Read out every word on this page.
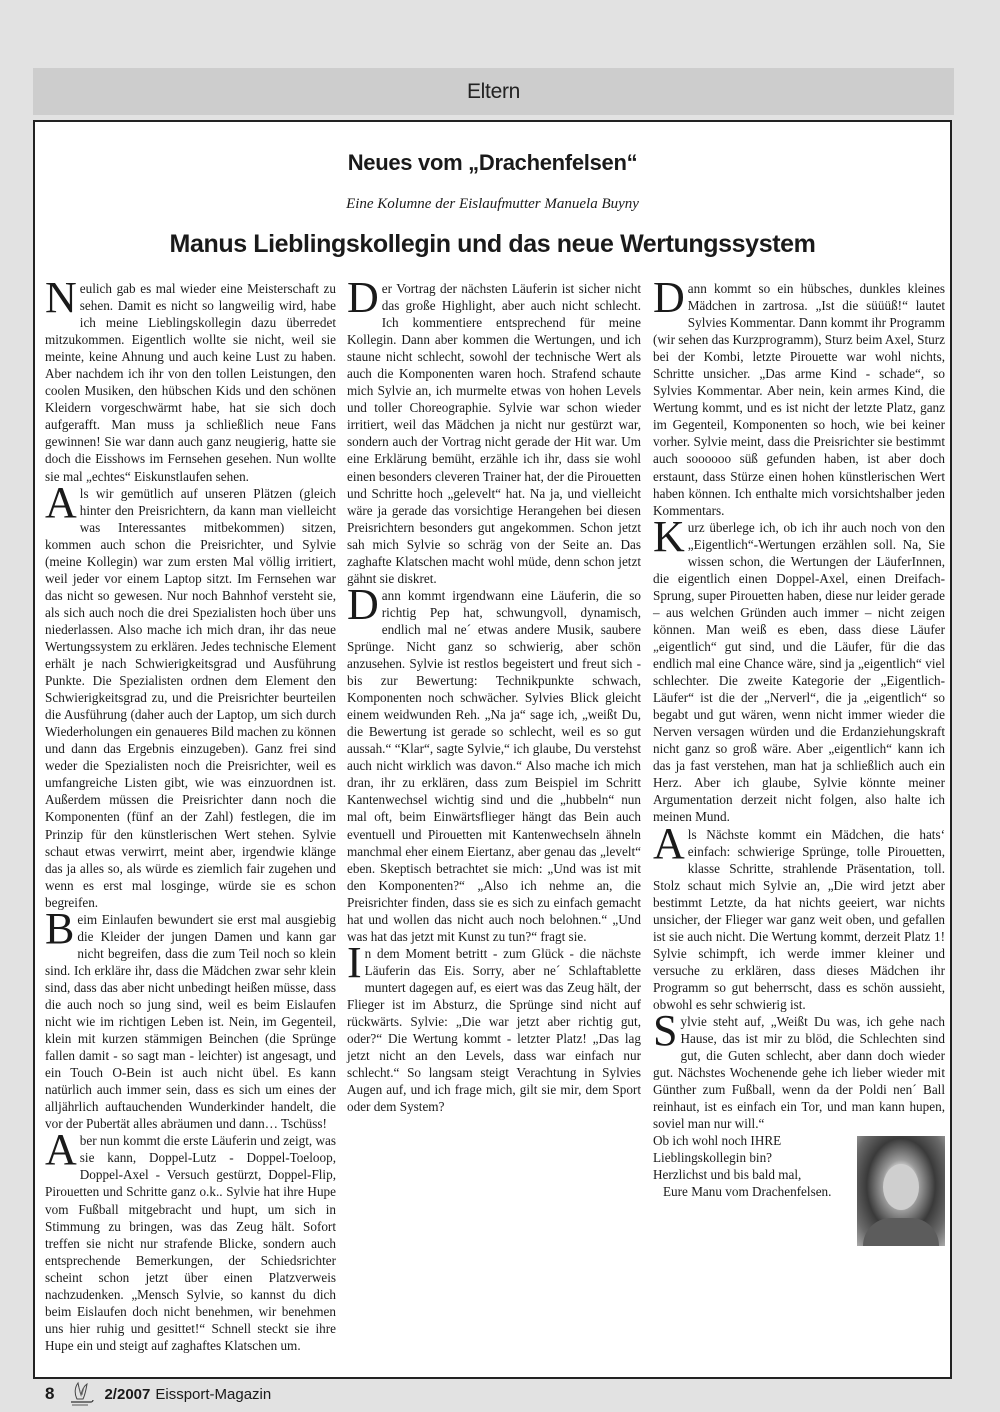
Eltern
Neues vom „Drachenfelsen“
Eine Kolumne der Eislaufmutter Manuela Buyny
Manus Lieblingskollegin und das neue Wertungssystem

Neulich gab es mal wieder eine Meisterschaft zu sehen. Damit es nicht so langweilig wird, habe ich meine Lieblingskollegin dazu überredet mitzukommen. Eigentlich wollte sie nicht, weil sie meinte, keine Ahnung und auch keine Lust zu haben. Aber nachdem ich ihr von den tollen Leistungen, den coolen Musiken, den hübschen Kids und den schönen Kleidern vorgeschwärmt habe, hat sie sich doch aufgerafft. Man muss ja schließlich neue Fans gewinnen! Sie war dann auch ganz neugierig, hatte sie doch die Eisshows im Fernsehen gesehen. Nun wollte sie mal „echtes“ Eiskunstlaufen sehen.

Als wir gemütlich auf unseren Plätzen (gleich hinter den Preisrichtern, da kann man vielleicht was Interessantes mitbekommen) sitzen, kommen auch schon die Preisrichter, und Sylvie (meine Kollegin) war zum ersten Mal völlig irritiert, weil jeder vor einem Laptop sitzt. Im Fernsehen war das nicht so gewesen. Nur noch Bahnhof versteht sie, als sich auch noch die drei Spezialisten hoch über uns niederlassen. Also mache ich mich dran, ihr das neue Wertungssystem zu erklären. Jedes technische Element erhält je nach Schwierigkeitsgrad und Ausführung Punkte. Die Spezialisten ordnen dem Element den Schwierigkeitsgrad zu, und die Preisrichter beurteilen die Ausführung (daher auch der Laptop, um sich durch Wiederholungen ein genaueres Bild machen zu können und dann das Ergebnis einzugeben). Ganz frei sind weder die Spezialisten noch die Preisrichter, weil es umfangreiche Listen gibt, wie was einzuordnen ist. Außerdem müssen die Preisrichter dann noch die Komponenten (fünf an der Zahl) festlegen, die im Prinzip für den künstlerischen Wert stehen. Sylvie schaut etwas verwirrt, meint aber, irgendwie klänge das ja alles so, als würde es ziemlich fair zugehen und wenn es erst mal losginge, würde sie es schon begreifen.

Beim Einlaufen bewundert sie erst mal ausgiebig die Kleider der jungen Damen und kann gar nicht begreifen, dass die zum Teil noch so klein sind. Ich erkläre ihr, dass die Mädchen zwar sehr klein sind, dass das aber nicht unbedingt heißen müsse, dass die auch noch so jung sind, weil es beim Eislaufen nicht wie im richtigen Leben ist. Nein, im Gegenteil, klein mit kurzen stämmigen Beinchen (die Sprünge fallen damit - so sagt man - leichter) ist angesagt, und ein Touch O-Bein ist auch nicht übel. Es kann natürlich auch immer sein, dass es sich um eines der alljährlich auftauchenden Wunderkinder handelt, die vor der Pubertät alles abräumen und dann… Tschüss!

Aber nun kommt die erste Läuferin und zeigt, was sie kann, Doppel-Lutz - Doppel-Toeloop, Doppel-Axel - Versuch gestürzt, Doppel-Flip, Pirouetten und Schritte ganz o.k.. Sylvie hat ihre Hupe vom Fußball mitgebracht und hupt, um sich in Stimmung zu bringen, was das Zeug hält. Sofort treffen sie nicht nur strafende Blicke, sondern auch entsprechende Bemerkungen, der Schiedsrichter scheint schon jetzt über einen Platzverweis nachzudenken. „Mensch Sylvie, so kannst du dich beim Eislaufen doch nicht benehmen, wir benehmen uns hier ruhig und gesittet!“ Schnell steckt sie ihre Hupe ein und steigt auf zaghaftes Klatschen um.

Der Vortrag der nächsten Läuferin ist sicher nicht das große Highlight, aber auch nicht schlecht. Ich kommentiere entsprechend für meine Kollegin. Dann aber kommen die Wertungen, und ich staune nicht schlecht, sowohl der technische Wert als auch die Komponenten waren hoch. Strafend schaute mich Sylvie an, ich murmelte etwas von hohen Levels und toller Choreographie. Sylvie war schon wieder irritiert, weil das Mädchen ja nicht nur gestürzt war, sondern auch der Vortrag nicht gerade der Hit war. Um eine Erklärung bemüht, erzähle ich ihr, dass sie wohl einen besonders cleveren Trainer hat, der die Pirouetten und Schritte hoch „gelevelt“ hat. Na ja, und vielleicht wäre ja gerade das vorsichtige Herangehen bei diesen Preisrichtern besonders gut angekommen. Schon jetzt sah mich Sylvie so schräg von der Seite an. Das zaghafte Klatschen macht wohl müde, denn schon jetzt gähnt sie diskret.

Dann kommt irgendwann eine Läuferin, die so richtig Pep hat, schwungvoll, dynamisch, endlich mal ne´ etwas andere Musik, saubere Sprünge. Nicht ganz so schwierig, aber schön anzusehen. Sylvie ist restlos begeistert und freut sich - bis zur Bewertung: Technikpunkte schwach, Komponenten noch schwächer. Sylvies Blick gleicht einem weidwunden Reh. „Na ja“ sage ich, „weißt Du, die Bewertung ist gerade so schlecht, weil es so gut aussah.“ “Klar“, sagte Sylvie,“ ich glaube, Du verstehst auch nicht wirklich was davon.“ Also mache ich mich dran, ihr zu erklären, dass zum Beispiel im Schritt Kantenwechsel wichtig sind und die „hubbeln“ nun mal oft, beim Einwärtsflieger hängt das Bein auch eventuell und Pirouetten mit Kantenwechseln ähneln manchmal eher einem Eiertanz, aber genau das „levelt“ eben. Skeptisch betrachtet sie mich: „Und was ist mit den Komponenten?“ „Also ich nehme an, die Preisrichter finden, dass sie es sich zu einfach gemacht hat und wollen das nicht auch noch belohnen.“ „Und was hat das jetzt mit Kunst zu tun?“ fragt sie.

In dem Moment betritt - zum Glück - die nächste Läuferin das Eis. Sorry, aber ne´ Schlaftablette muntert dagegen auf, es eiert was das Zeug hält, der Flieger ist im Absturz, die Sprünge sind nicht auf rückwärts. Sylvie: „Die war jetzt aber richtig gut, oder?“ Die Wertung kommt - letzter Platz! „Das lag jetzt nicht an den Levels, dass war einfach nur schlecht.“ So langsam steigt Verachtung in Sylvies Augen auf, und ich frage mich, gilt sie mir, dem Sport oder dem System?

Dann kommt so ein hübsches, dunkles kleines Mädchen in zartrosa. „Ist die süüüß!“ lautet Sylvies Kommentar. Dann kommt ihr Programm (wir sehen das Kurzprogramm), Sturz beim Axel, Sturz bei der Kombi, letzte Pirouette war wohl nichts, Schritte unsicher. „Das arme Kind - schade“, so Sylvies Kommentar. Aber nein, kein armes Kind, die Wertung kommt, und es ist nicht der letzte Platz, ganz im Gegenteil, Komponenten so hoch, wie bei keiner vorher. Sylvie meint, dass die Preisrichter sie bestimmt auch soooooo süß gefunden haben, ist aber doch erstaunt, dass Stürze einen hohen künstlerischen Wert haben können. Ich enthalte mich vorsichtshalber jeden Kommentars.

Kurz überlege ich, ob ich ihr auch noch von den „Eigentlich“-Wertungen erzählen soll. Na, Sie wissen schon, die Wertungen der LäuferInnen, die eigentlich einen Doppel-Axel, einen Dreifach-Sprung, super Pirouetten haben, diese nur leider gerade – aus welchen Gründen auch immer – nicht zeigen können. Man weiß es eben, dass diese Läufer „eigentlich“ gut sind, und die Läufer, für die das endlich mal eine Chance wäre, sind ja „eigentlich“ viel schlechter. Die zweite Kategorie der „Eigentlich-Läufer“ ist die der „Nerverl“, die ja „eigentlich“ so begabt und gut wären, wenn nicht immer wieder die Nerven versagen würden und die Erdanziehungskraft nicht ganz so groß wäre. Aber „eigentlich“ kann ich das ja fast verstehen, man hat ja schließlich auch ein Herz. Aber ich glaube, Sylvie könnte meiner Argumentation derzeit nicht folgen, also halte ich meinen Mund.

Als Nächste kommt ein Mädchen, die hats‘ einfach: schwierige Sprünge, tolle Pirouetten, klasse Schritte, strahlende Präsentation, toll. Stolz schaut mich Sylvie an, „Die wird jetzt aber bestimmt Letzte, da hat nichts geeiert, war nichts unsicher, der Flieger war ganz weit oben, und gefallen ist sie auch nicht. Die Wertung kommt, derzeit Platz 1! Sylvie schimpft, ich werde immer kleiner und versuche zu erklären, dass dieses Mädchen ihr Programm so gut beherrscht, dass es schön aussieht, obwohl es sehr schwierig ist.

Sylvie steht auf, „Weißt Du was, ich gehe nach Hause, das ist mir zu blöd, die Schlechten sind gut, die Guten schlecht, aber dann doch wieder gut. Nächstes Wochenende gehe ich lieber wieder mit Günther zum Fußball, wenn da der Poldi nen´ Ball reinhaut, ist es einfach ein Tor, und man kann hupen, soviel man nur will.“

Ob ich wohl noch IHRE Lieblingskollegin bin?

Herzlichst und bis bald mal,

Eure Manu vom Drachenfelsen.

8	2/2007 Eissport-Magazin
